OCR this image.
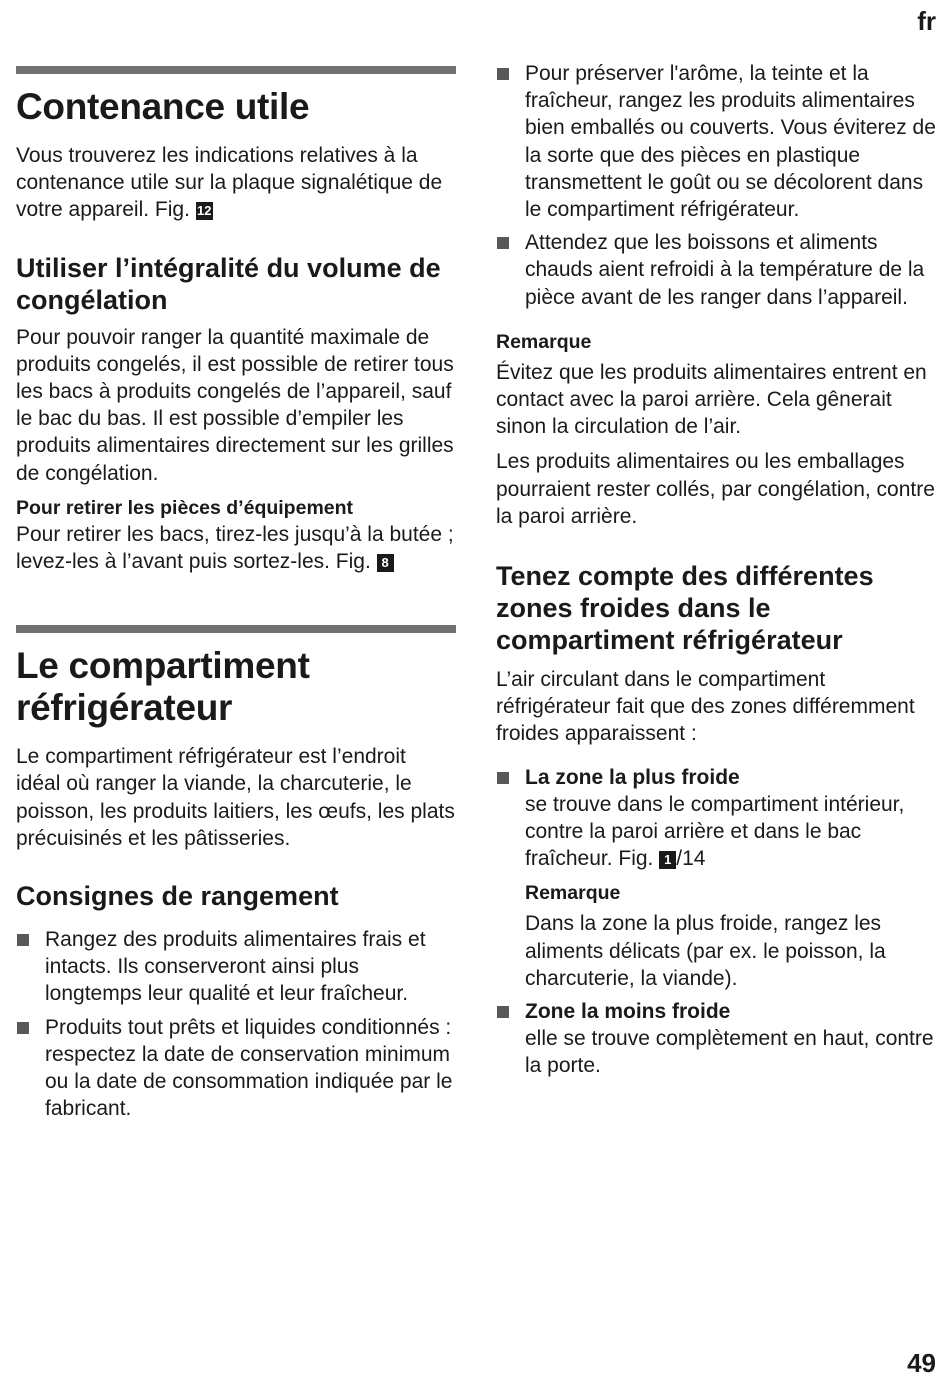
fr
Contenance utile

Vous trouverez les indications relatives à la contenance utile sur la plaque signalétique de votre appareil. Fig. 12

Utiliser l’intégralité du volume de congélation

Pour pouvoir ranger la quantité maximale de produits congelés, il est possible de retirer tous les bacs à produits congelés de l’appareil, sauf le bac du bas. Il est possible d’empiler les produits alimentaires directement sur les grilles de congélation.

Pour retirer les pièces d’équipement

Pour retirer les bacs, tirez-les jusqu’à la butée ; levez-les à l’avant puis sortez-les. Fig. 8

Le compartiment réfrigérateur

Le compartiment réfrigérateur est l’endroit idéal où ranger la viande, la charcuterie, le poisson, les produits laitiers, les œufs, les plats précuisinés et les pâtisseries.

Consignes de rangement
Rangez des produits alimentaires frais et intacts. Ils conserveront ainsi plus longtemps leur qualité et leur fraîcheur.
Produits tout prêts et liquides conditionnés : respectez la date de conservation minimum ou la date de consommation indiquée par le fabricant.
Pour préserver l'arôme, la teinte et la fraîcheur, rangez les produits alimentaires bien emballés ou couverts. Vous éviterez de la sorte que des pièces en plastique transmettent le goût ou se décolorent dans le compartiment réfrigérateur.
Attendez que les boissons et aliments chauds aient refroidi à la température de la pièce avant de les ranger dans l’appareil.
Remarque

Évitez que les produits alimentaires entrent en contact avec la paroi arrière. Cela gênerait sinon la circulation de l’air.

Les produits alimentaires ou les emballages pourraient rester collés, par congélation, contre la paroi arrière.

Tenez compte des différentes zones froides dans le compartiment réfrigérateur

L’air circulant dans le compartiment réfrigérateur fait que des zones différemment froides apparaissent :

La zone la plus froide
se trouve dans le compartiment intérieur, contre la paroi arrière et dans le bac fraîcheur. Fig. 1 /14
Remarque

Dans la zone la plus froide, rangez les aliments délicats (par ex. le poisson, la charcuterie, la viande).

Zone la moins froide
elle se trouve complètement en haut, contre la porte.
49
